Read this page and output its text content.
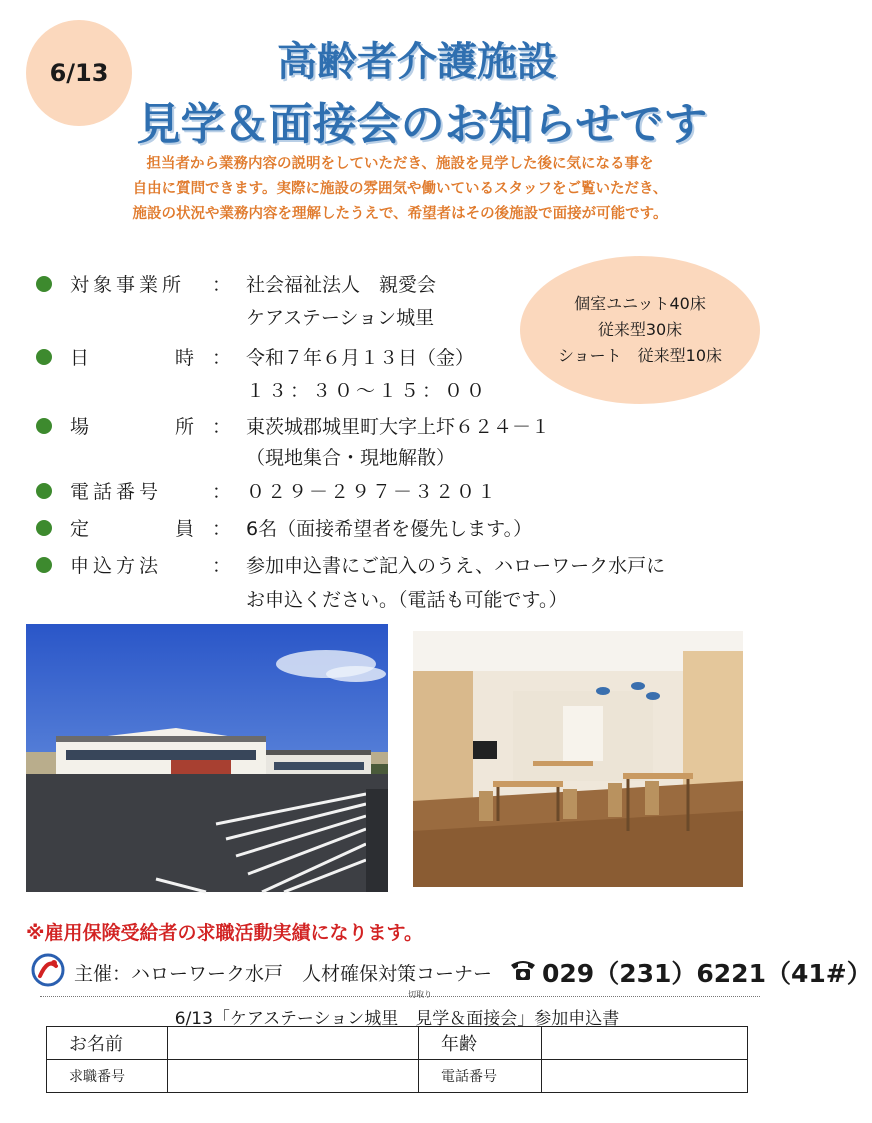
6/13	高齢者介護施設
見学＆面接会のお知らせです
担当者から業務内容の説明をしていただき、施設を見学した後に気になる事を
自由に質問できます。実際に施設の雰囲気や働いているスタッフをご覧いただき、
施設の状況や業務内容を理解したうえで、希望者はその後施設で面接が可能です。
対象事業所	： 社会福祉法人　親愛会
ケアステーション城里
日	時 ： 令和７年６月１３日（金）
１３：３０～１５：００
場	所 ： 東茨城郡城里町大字上圷６２４－１
（現地集合・現地解散）
電話番号	： ０２９－２９７－３２０１
定	員 ： 6名（面接希望者を優先します。）
申込方法	： 参加申込書にご記入のうえ、ハローワーク水戸に
お申込ください。（電話も可能です。）
個室ユニット40床
従来型30床
ショート　従来型10床
※雇用保険受給者の求職活動実績になります。
主催：ハローワーク水戸　人材確保対策コーナー 029（231）6221（41#）
切取り
6/13「ケアステーション城里　見学＆面接会」参加申込書
お名前		年齢	
求職番号		電話番号	
